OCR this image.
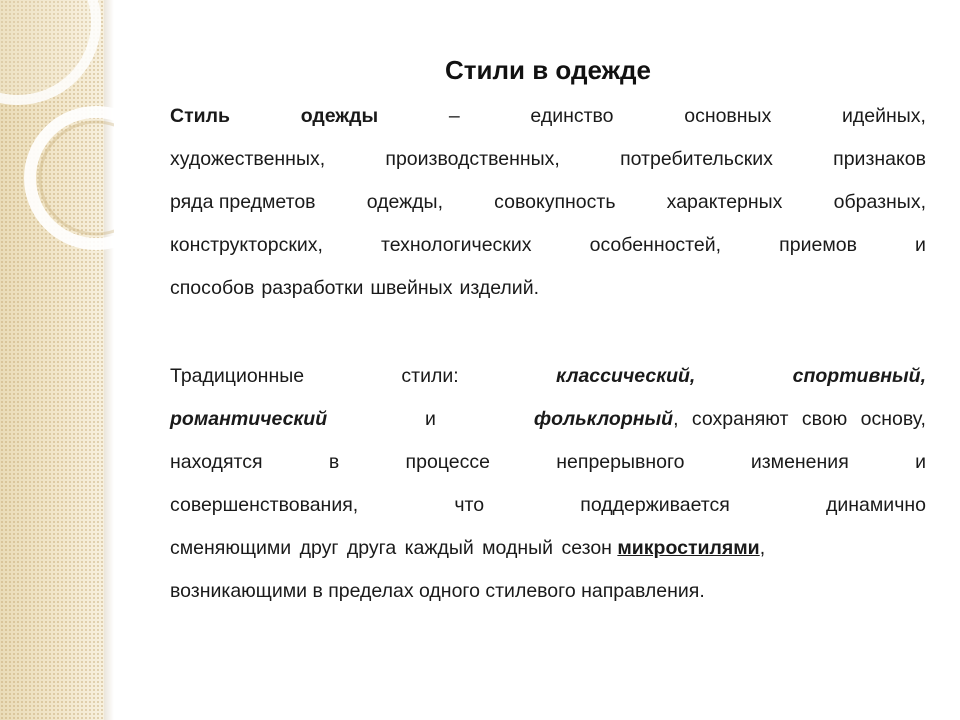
Стили в одежде
Стиль	одежды	–	единство	основных	идейных,
художественных,	производственных,	потребительских	признаков
ряда предметов	одежды,	совокупность	характерных	образных,
конструкторских,	технологических	особенностей,	приемов	и
способов разработки швейных изделий.
Традиционные	стили:	классический,	спортивный,
романтический	и	фольклорный, сохраняют свою основу,
находятся	в	процессе	непрерывного	изменения	и
совершенствования,	что	поддерживается	динамично
сменяющими друг друга каждый модный сезон микростилями,
возникающими в пределах одного стилевого направления.
